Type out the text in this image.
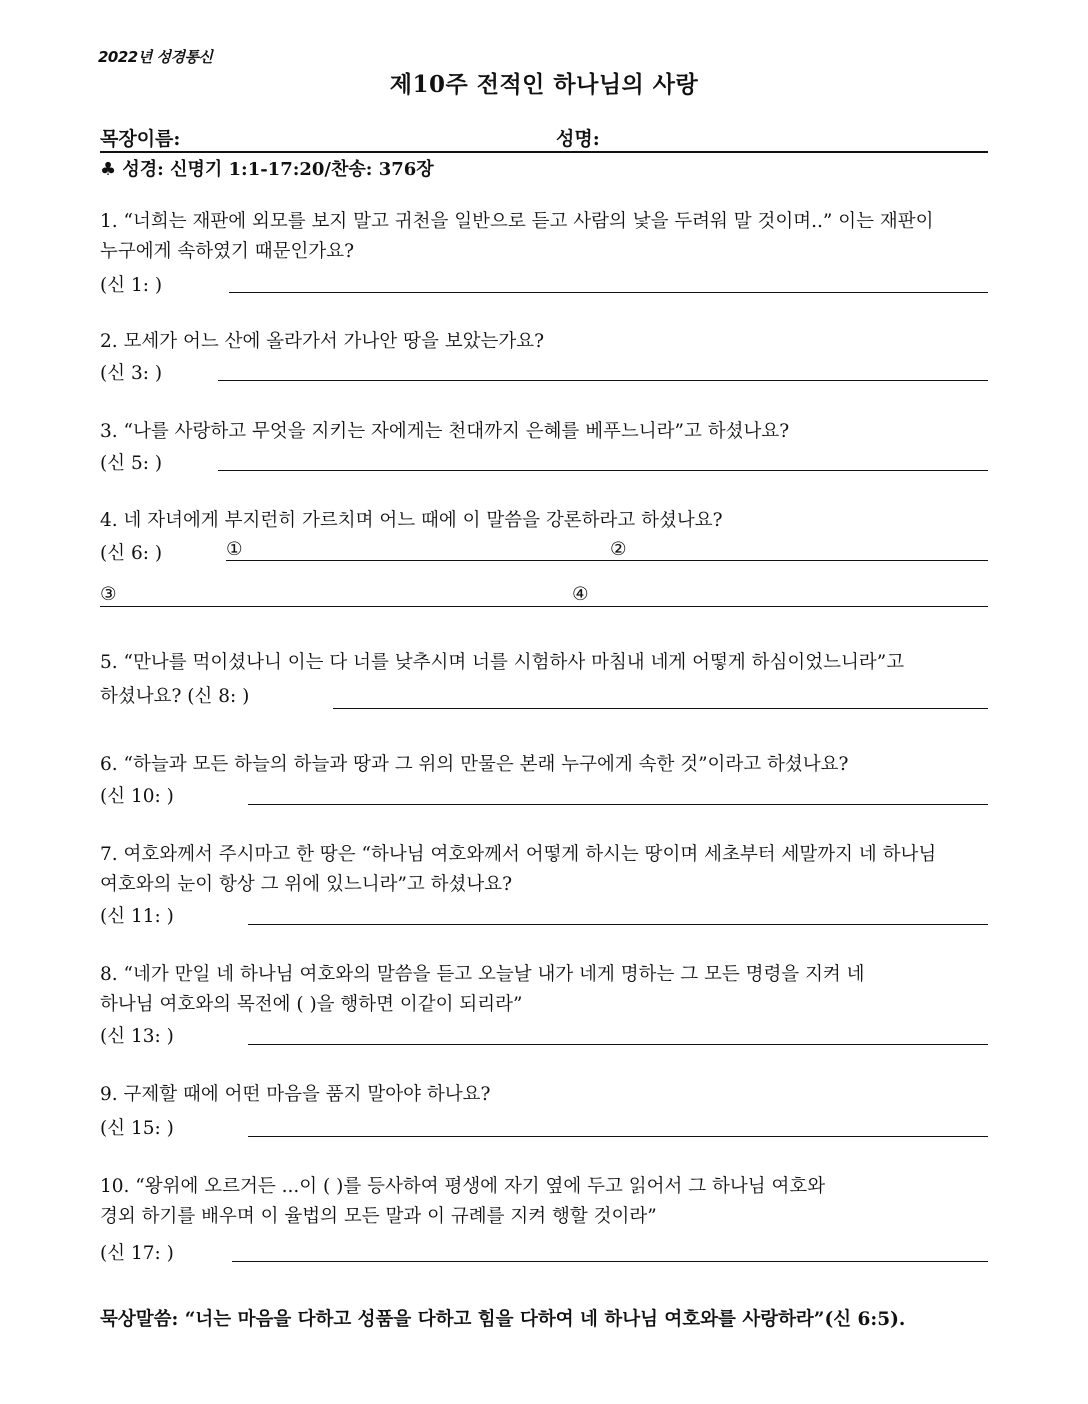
2022년 성경통신
제10주 전적인 하나님의 사랑
목장이름:	성명:
♣ 성경: 신명기 1:1-17:20/찬송: 376장
1. “너희는 재판에 외모를 보지 말고 귀천을 일반으로 듣고 사람의 낯을 두려워 말 것이며..” 이는 재판이
누구에게 속하였기 때문인가요?
(신 1: )
2. 모세가 어느 산에 올라가서 가나안 땅을 보았는가요?
(신 3: )
3. “나를 사랑하고 무엇을 지키는 자에게는 천대까지 은혜를 베푸느니라”고 하셨나요?
(신 5: )
4. 네 자녀에게 부지런히 가르치며 어느 때에 이 말씀을 강론하라고 하셨나요?
(신 6: )	①	②
③	④
5. “만나를 먹이셨나니 이는 다 너를 낮추시며 너를 시험하사 마침내 네게 어떻게 하심이었느니라”고
하셨나요? (신 8: )
6. “하늘과 모든 하늘의 하늘과 땅과 그 위의 만물은 본래 누구에게 속한 것”이라고 하셨나요?
(신 10: )
7. 여호와께서 주시마고 한 땅은 “하나님 여호와께서 어떻게 하시는 땅이며 세초부터 세말까지 네 하나님
여호와의 눈이 항상 그 위에 있느니라”고 하셨나요?
(신 11: )
8. “네가 만일 네 하나님 여호와의 말씀을 듣고 오늘날 내가 네게 명하는 그 모든 명령을 지켜 네
하나님 여호와의 목전에 ( )을 행하면 이같이 되리라”
(신 13: )
9. 구제할 때에 어떤 마음을 품지 말아야 하나요?
(신 15: )
10. “왕위에 오르거든 ...이 ( )를 등사하여 평생에 자기 옆에 두고 읽어서 그 하나님 여호와
경외 하기를 배우며 이 율법의 모든 말과 이 규례를 지켜 행할 것이라”
(신 17: )
묵상말씀: “너는 마음을 다하고 성품을 다하고 힘을 다하여 네 하나님 여호와를 사랑하라”(신 6:5).
